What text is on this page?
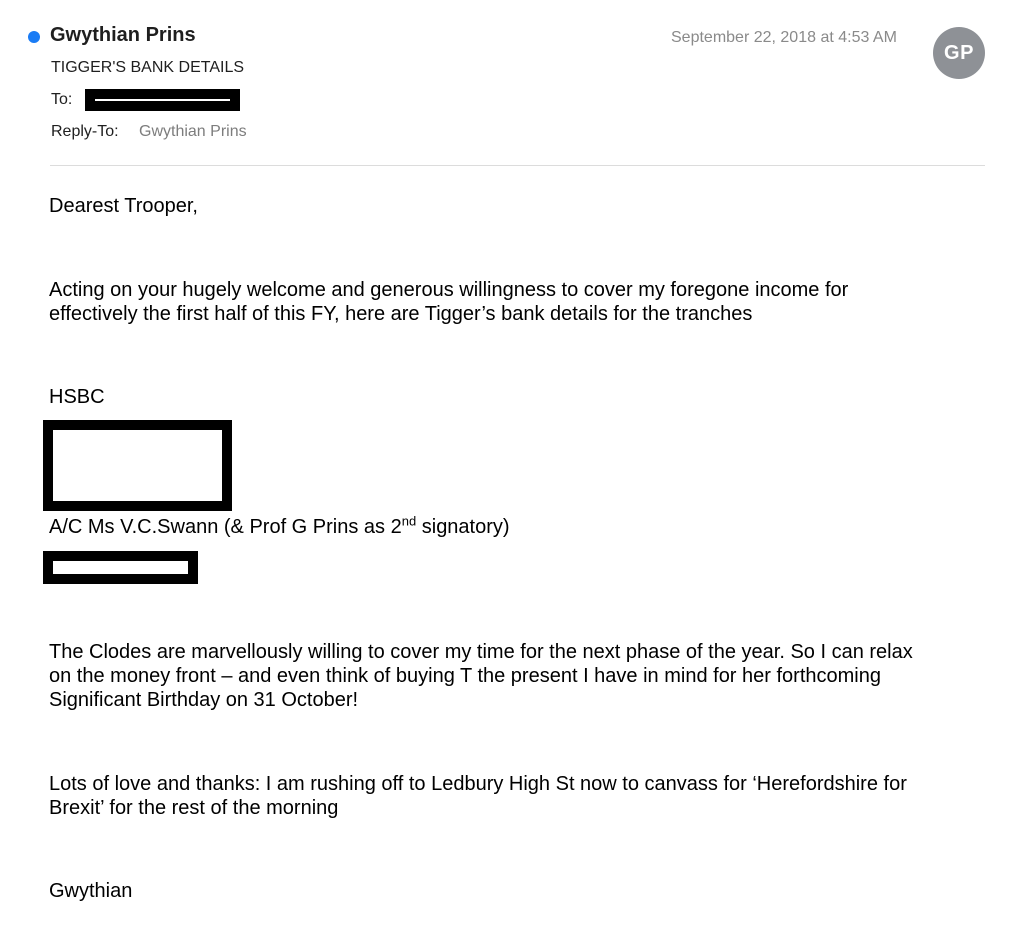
Gwythian Prins
TIGGER'S BANK DETAILS
To:
Reply-To: Gwythian Prins
September 22, 2018 at 4:53 AM
GP
Dearest Trooper,
Acting on your hugely welcome and generous willingness to cover my foregone income for
effectively the first half of this FY, here are Tigger’s bank details for the tranches
HSBC
A/C Ms V.C.Swann (& Prof G Prins as 2nd signatory)
The Clodes are marvellously willing to cover my time for the next phase of the year. So I can relax
on the money front – and even think of buying T the present I have in mind for her forthcoming
Significant Birthday on 31 October!
Lots of love and thanks: I am rushing off to Ledbury High St now to canvass for ‘Herefordshire for
Brexit’ for the rest of the morning
Gwythian
